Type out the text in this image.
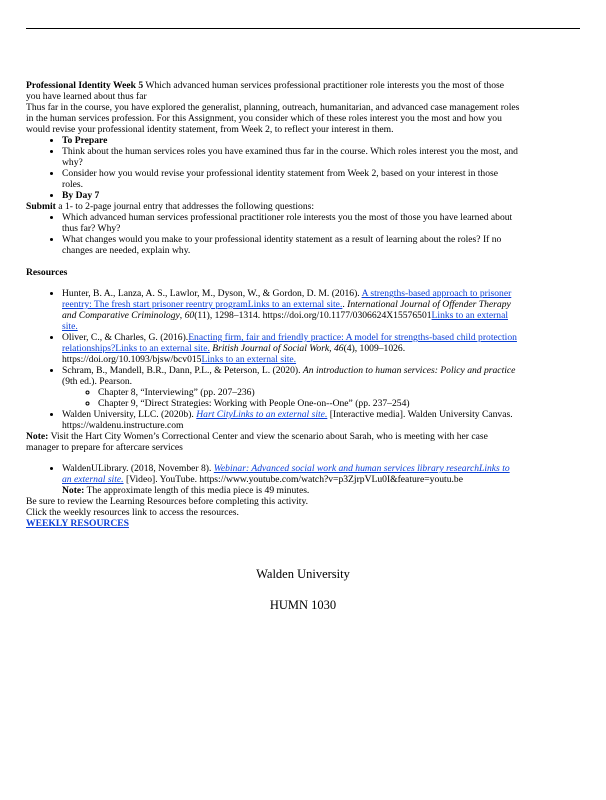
Professional Identity Week 5 Which advanced human services professional practitioner role interests you the most of those you have learned about thus far

Thus far in the course, you have explored the generalist, planning, outreach, humanitarian, and advanced case management roles in the human services profession. For this Assignment, you consider which of these roles interest you the most and how you would revise your professional identity statement, from Week 2, to reflect your interest in them.

• To Prepare
• Think about the human services roles you have examined thus far in the course. Which roles interest you the most, and why?
• Consider how you would revise your professional identity statement from Week 2, based on your interest in those roles.
• By Day 7

Submit a 1- to 2-page journal entry that addresses the following questions:

• Which advanced human services professional practitioner role interests you the most of those you have learned about thus far? Why?
• What changes would you make to your professional identity statement as a result of learning about the roles? If no changes are needed, explain why.

Resources

• Hunter, B. A., Lanza, A. S., Lawlor, M., Dyson, W., & Gordon, D. M. (2016). A strengths-based approach to prisoner reentry: The fresh start prisoner reentry programLinks to an external site.. International Journal of Offender Therapy and Comparative Criminology, 60(11), 1298–1314. https://doi.org/10.1177/0306624X15576501Links to an external site.
• Oliver, C., & Charles, G. (2016).Enacting firm, fair and friendly practice: A model for strengths-based child protection relationships?Links to an external site. British Journal of Social Work, 46(4), 1009–1026. https://doi.org/10.1093/bjsw/bcv015Links to an external site.
• Schram, B., Mandell, B.R., Dann, P.L., & Peterson, L. (2020). An introduction to human services: Policy and practice (9th ed.). Pearson.
◦ Chapter 8, “Interviewing” (pp. 207–236)
◦ Chapter 9, “Direct Strategies: Working with People One-on--One” (pp. 237–254)
• Walden University, LLC. (2020b). Hart CityLinks to an external site. [Interactive media]. Walden University Canvas. https://waldenu.instructure.com

Note: Visit the Hart City Women’s Correctional Center and view the scenario about Sarah, who is meeting with her case manager to prepare for aftercare services

• WaldenULibrary. (2018, November 8). Webinar: Advanced social work and human services library researchLinks to an external site. [Video]. YouTube. https://www.youtube.com/watch?v=p3ZjrpVLu0I&feature=youtu.be
Note: The approximate length of this media piece is 49 minutes.

Be sure to review the Learning Resources before completing this activity.

Click the weekly resources link to access the resources.

WEEKLY RESOURCES

Walden University
HUMN 1030
